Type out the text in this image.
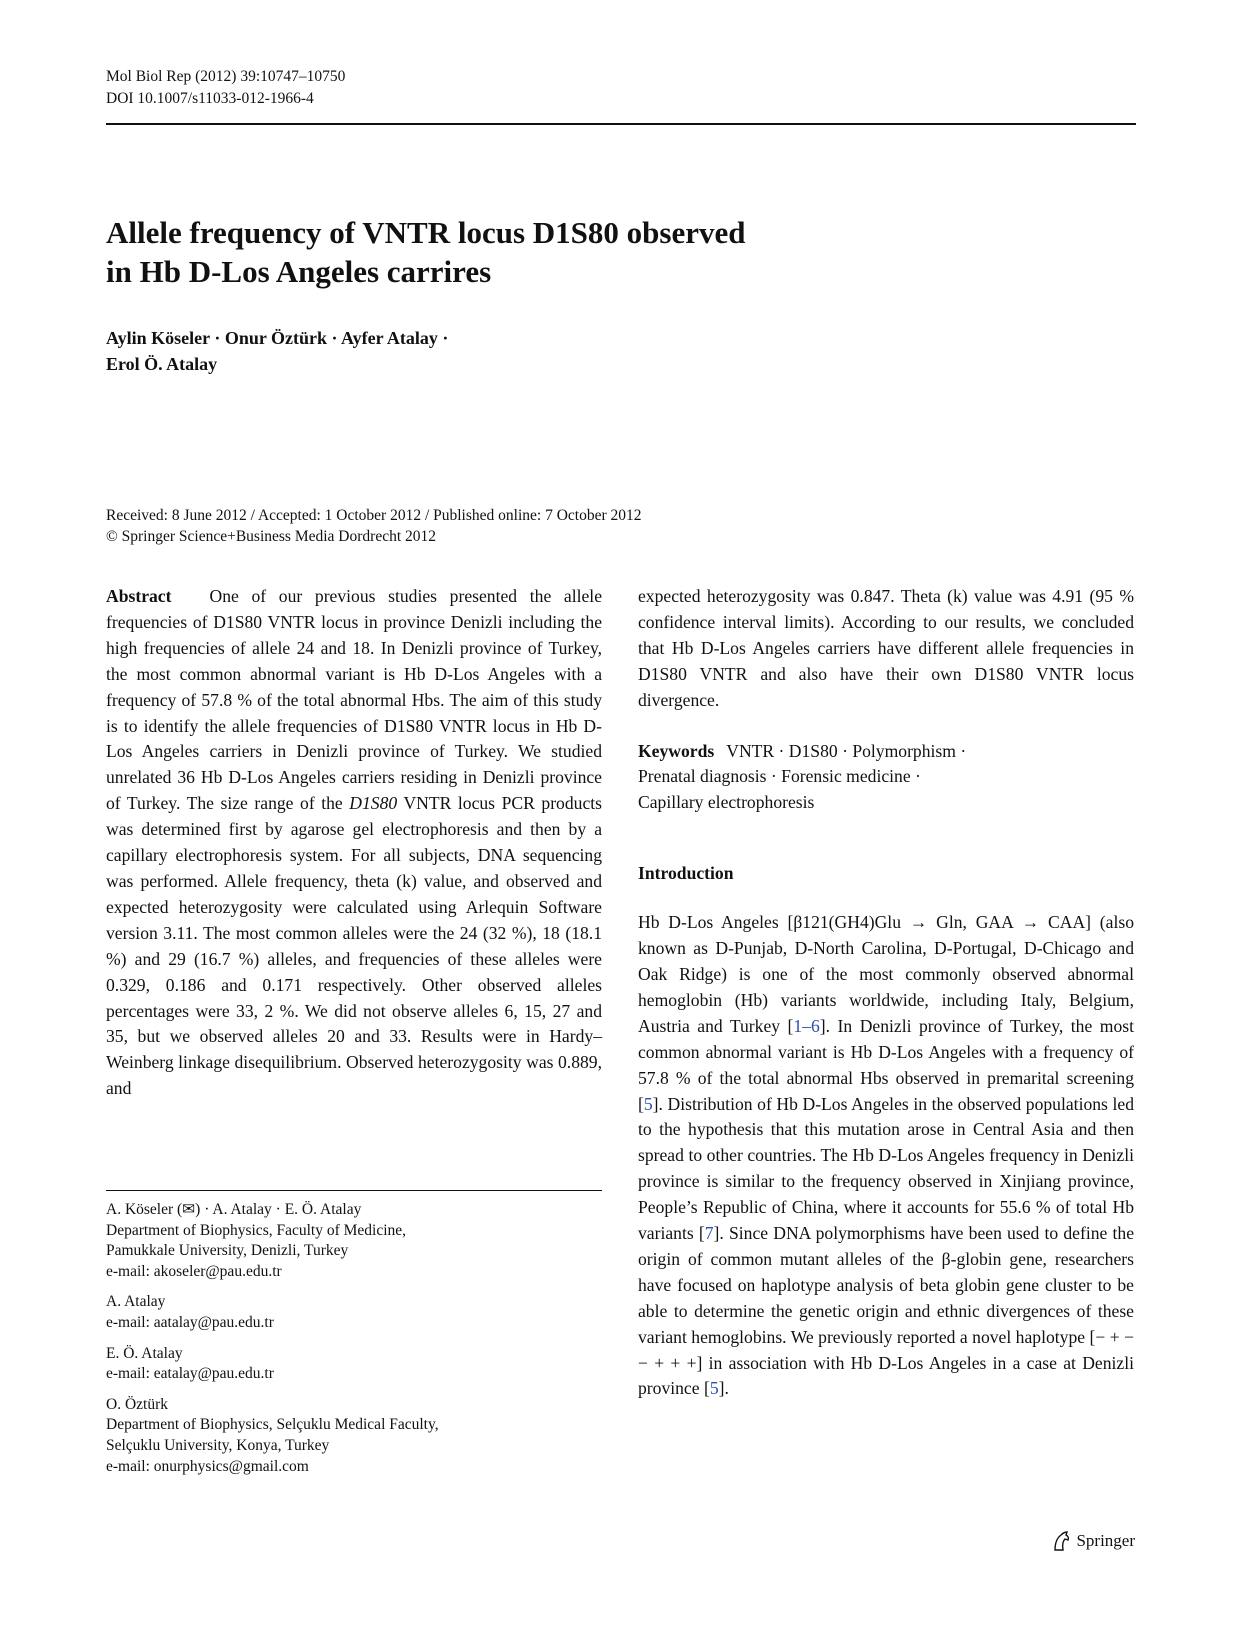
Mol Biol Rep (2012) 39:10747–10750
DOI 10.1007/s11033-012-1966-4
Allele frequency of VNTR locus D1S80 observed
in Hb D-Los Angeles carrires
Aylin Köseler · Onur Öztürk · Ayfer Atalay ·
Erol Ö. Atalay
Received: 8 June 2012 / Accepted: 1 October 2012 / Published online: 7 October 2012
© Springer Science+Business Media Dordrecht 2012

Abstract One of our previous studies presented the allele frequencies of D1S80 VNTR locus in province Denizli including the high frequencies of allele 24 and 18. In Denizli province of Turkey, the most common abnormal variant is Hb D-Los Angeles with a frequency of 57.8 % of the total abnormal Hbs. The aim of this study is to identify the allele frequencies of D1S80 VNTR locus in Hb D-Los Angeles carriers in Denizli province of Turkey. We studied unrelated 36 Hb D-Los Angeles carriers residing in Denizli province of Turkey. The size range of the D1S80 VNTR locus PCR products was determined first by agarose gel electrophoresis and then by a capillary electrophoresis system. For all subjects, DNA sequencing was performed. Allele frequency, theta (k) value, and observed and expected heterozygosity were calculated using Arlequin Software version 3.11. The most common alleles were the 24 (32 %), 18 (18.1 %) and 29 (16.7 %) alleles, and frequencies of these alleles were 0.329, 0.186 and 0.171 respectively. Other observed alleles percentages were 33, 2 %. We did not observe alleles 6, 15, 27 and 35, but we observed alleles 20 and 33. Results were in Hardy–Weinberg linkage disequilibrium. Observed heterozygosity was 0.889, and

A. Köseler (✉) · A. Atalay · E. Ö. Atalay
Department of Biophysics, Faculty of Medicine,
Pamukkale University, Denizli, Turkey
e-mail: akoseler@pau.edu.tr
A. Atalay
e-mail: aatalay@pau.edu.tr
E. Ö. Atalay
e-mail: eatalay@pau.edu.tr
O. Öztürk
Department of Biophysics, Selçuklu Medical Faculty,
Selçuklu University, Konya, Turkey
e-mail: onurphysics@gmail.com

expected heterozygosity was 0.847. Theta (k) value was 4.91 (95 % confidence interval limits). According to our results, we concluded that Hb D-Los Angeles carriers have different allele frequencies in D1S80 VNTR and also have their own D1S80 VNTR locus divergence.

Keywords VNTR · D1S80 · Polymorphism ·
Prenatal diagnosis · Forensic medicine ·
Capillary electrophoresis
Introduction

Hb D-Los Angeles [β121(GH4)Glu → Gln, GAA → CAA] (also known as D-Punjab, D-North Carolina, D-Portugal, D-Chicago and Oak Ridge) is one of the most commonly observed abnormal hemoglobin (Hb) variants worldwide, including Italy, Belgium, Austria and Turkey [1–6]. In Denizli province of Turkey, the most common abnormal variant is Hb D-Los Angeles with a frequency of 57.8 % of the total abnormal Hbs observed in premarital screening [5]. Distribution of Hb D-Los Angeles in the observed populations led to the hypothesis that this mutation arose in Central Asia and then spread to other countries. The Hb D-Los Angeles frequency in Denizli province is similar to the frequency observed in Xinjiang province, People’s Republic of China, where it accounts for 55.6 % of total Hb variants [7]. Since DNA polymorphisms have been used to define the origin of common mutant alleles of the β-globin gene, researchers have focused on haplotype analysis of beta globin gene cluster to be able to determine the genetic origin and ethnic divergences of these variant hemoglobins. We previously reported a novel haplotype [− + − − + + +] in association with Hb D-Los Angeles in a case at Denizli province [5].

Springer
